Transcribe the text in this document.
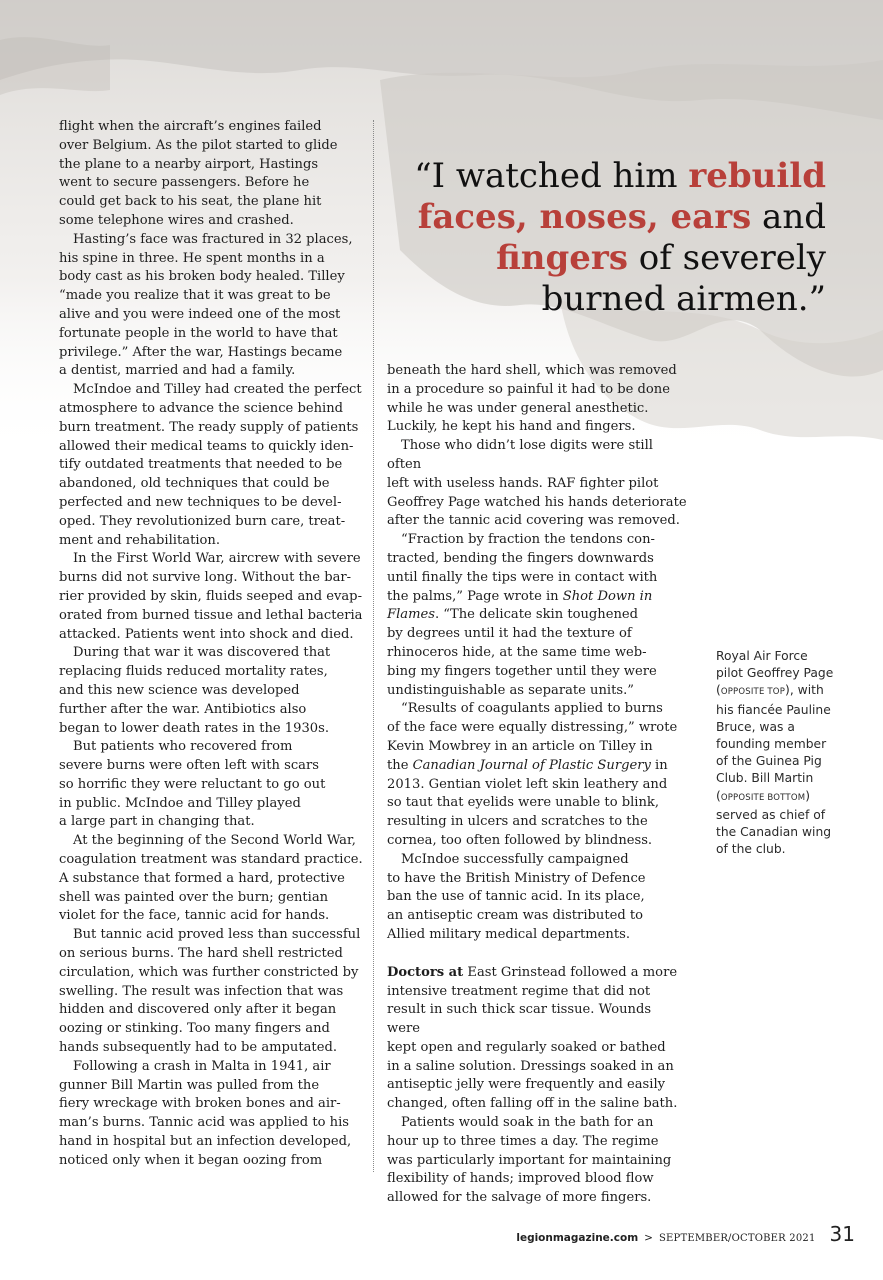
“I watched him rebuild
faces, noses, ears and
fingers of severely
burned airmen.”

flight when the aircraft’s engines failed
over Belgium. As the pilot started to glide
the plane to a nearby airport, Hastings
went to secure passengers. Before he
could get back to his seat, the plane hit
some telephone wires and crashed.

Hasting’s face was fractured in 32 places,
his spine in three. He spent months in a
body cast as his broken body healed. Tilley
“made you realize that it was great to be
alive and you were indeed one of the most
fortunate people in the world to have that
privilege.” After the war, Hastings became
a dentist, married and had a family.

McIndoe and Tilley had created the perfect
atmosphere to advance the science behind
burn treatment. The ready supply of patients
allowed their medical teams to quickly iden-
tify outdated treatments that needed to be
abandoned, old techniques that could be
perfected and new techniques to be devel-
oped. They revolutionized burn care, treat-
ment and rehabilitation.

In the First World War, aircrew with severe
burns did not survive long. Without the bar-
rier provided by skin, fluids seeped and evap-
orated from burned tissue and lethal bacteria
attacked. Patients went into shock and died.

During that war it was discovered that
replacing fluids reduced mortality rates,
and this new science was developed
further after the war. Antibiotics also
began to lower death rates in the 1930s.

But patients who recovered from
severe burns were often left with scars
so horrific they were reluctant to go out
in public. McIndoe and Tilley played
a large part in changing that.

At the beginning of the Second World War,
coagulation treatment was standard practice.
A substance that formed a hard, protective
shell was painted over the burn; gentian
violet for the face, tannic acid for hands.

But tannic acid proved less than successful
on serious burns. The hard shell restricted
circulation, which was further constricted by
swelling. The result was infection that was
hidden and discovered only after it began
oozing or stinking. Too many fingers and
hands subsequently had to be amputated.

Following a crash in Malta in 1941, air
gunner Bill Martin was pulled from the
fiery wreckage with broken bones and air-
man’s burns. Tannic acid was applied to his
hand in hospital but an infection developed,
noticed only when it began oozing from

beneath the hard shell, which was removed
in a procedure so painful it had to be done
while he was under general anesthetic.
Luckily, he kept his hand and fingers.

Those who didn’t lose digits were still often
left with useless hands. RAF fighter pilot
Geoffrey Page watched his hands deteriorate
after the tannic acid covering was removed.

“Fraction by fraction the tendons con-
tracted, bending the fingers downwards
until finally the tips were in contact with
the palms,” Page wrote in Shot Down in
Flames. “The delicate skin toughened
by degrees until it had the texture of
rhinoceros hide, at the same time web-
bing my fingers together until they were
undistinguishable as separate units.”

“Results of coagulants applied to burns
of the face were equally distressing,” wrote
Kevin Mowbrey in an article on Tilley in
the Canadian Journal of Plastic Surgery in
2013. Gentian violet left skin leathery and
so taut that eyelids were unable to blink,
resulting in ulcers and scratches to the
cornea, too often followed by blindness.

McIndoe successfully campaigned
to have the British Ministry of Defence
ban the use of tannic acid. In its place,
an antiseptic cream was distributed to
Allied military medical departments.

Doctors at East Grinstead followed a more
intensive treatment regime that did not
result in such thick scar tissue. Wounds were
kept open and regularly soaked or bathed
in a saline solution. Dressings soaked in an
antiseptic jelly were frequently and easily
changed, often falling off in the saline bath.

Patients would soak in the bath for an
hour up to three times a day. The regime
was particularly important for maintaining
flexibility of hands; improved blood flow
allowed for the salvage of more fingers.

Royal Air Force
pilot Geoffrey Page
(OPPOSITE TOP), with
his fiancée Pauline
Bruce, was a
founding member
of the Guinea Pig
Club. Bill Martin
(OPPOSITE BOTTOM)
served as chief of
the Canadian wing
of the club.
legionmagazine.com > SEPTEMBER/OCTOBER 2021 31
